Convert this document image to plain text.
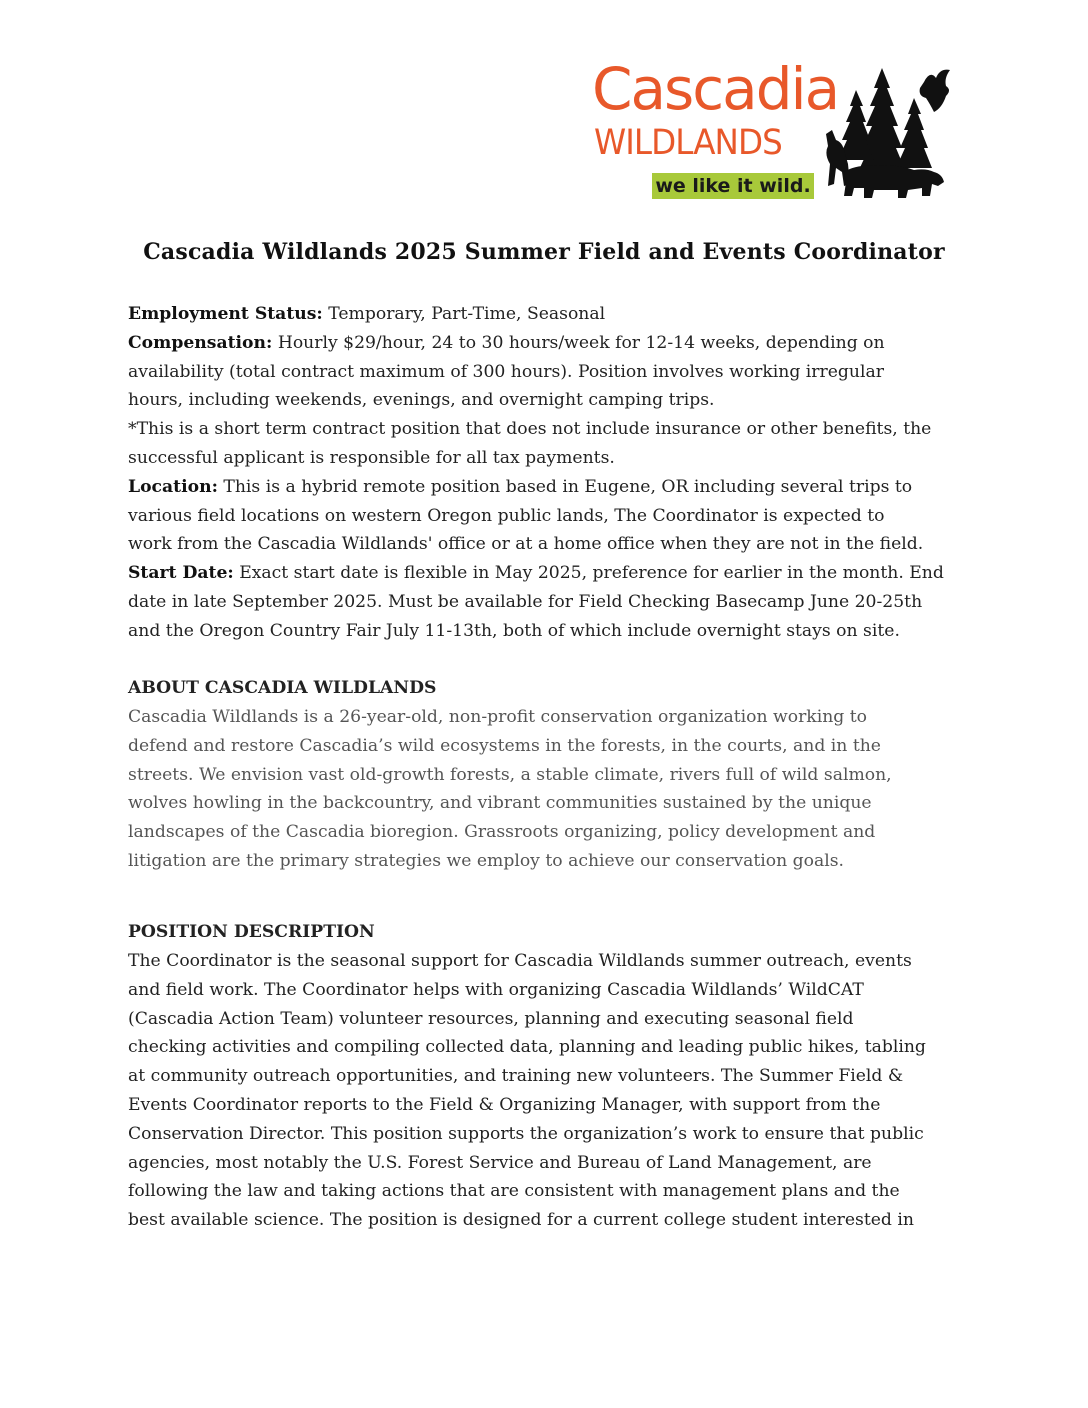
Cascadia
WILDLANDS
we like it wild.
Cascadia Wildlands 2025 Summer Field and Events Coordinator
Employment Status: Temporary, Part-Time, Seasonal
Compensation: Hourly $29/hour, 24 to 30 hours/week for 12-14 weeks, depending on
availability (total contract maximum of 300 hours). Position involves working irregular
hours, including weekends, evenings, and overnight camping trips.
*This is a short term contract position that does not include insurance or other benefits, the
successful applicant is responsible for all tax payments.
Location: This is a hybrid remote position based in Eugene, OR including several trips to
various field locations on western Oregon public lands, The Coordinator is expected to
work from the Cascadia Wildlands' office or at a home office when they are not in the field.
Start Date: Exact start date is flexible in May 2025, preference for earlier in the month. End
date in late September 2025. Must be available for Field Checking Basecamp June 20-25th
and the Oregon Country Fair July 11-13th, both of which include overnight stays on site.
ABOUT CASCADIA WILDLANDS
Cascadia Wildlands is a 26-year-old, non-profit conservation organization working to
defend and restore Cascadia’s wild ecosystems in the forests, in the courts, and in the
streets. We envision vast old-growth forests, a stable climate, rivers full of wild salmon,
wolves howling in the backcountry, and vibrant communities sustained by the unique
landscapes of the Cascadia bioregion. Grassroots organizing, policy development and
litigation are the primary strategies we employ to achieve our conservation goals.
POSITION DESCRIPTION
The Coordinator is the seasonal support for Cascadia Wildlands summer outreach, events
and field work. The Coordinator helps with organizing Cascadia Wildlands’ WildCAT
(Cascadia Action Team) volunteer resources, planning and executing seasonal field
checking activities and compiling collected data, planning and leading public hikes, tabling
at community outreach opportunities, and training new volunteers. The Summer Field &
Events Coordinator reports to the Field & Organizing Manager, with support from the
Conservation Director. This position supports the organization’s work to ensure that public
agencies, most notably the U.S. Forest Service and Bureau of Land Management, are
following the law and taking actions that are consistent with management plans and the
best available science. The position is designed for a current college student interested in
